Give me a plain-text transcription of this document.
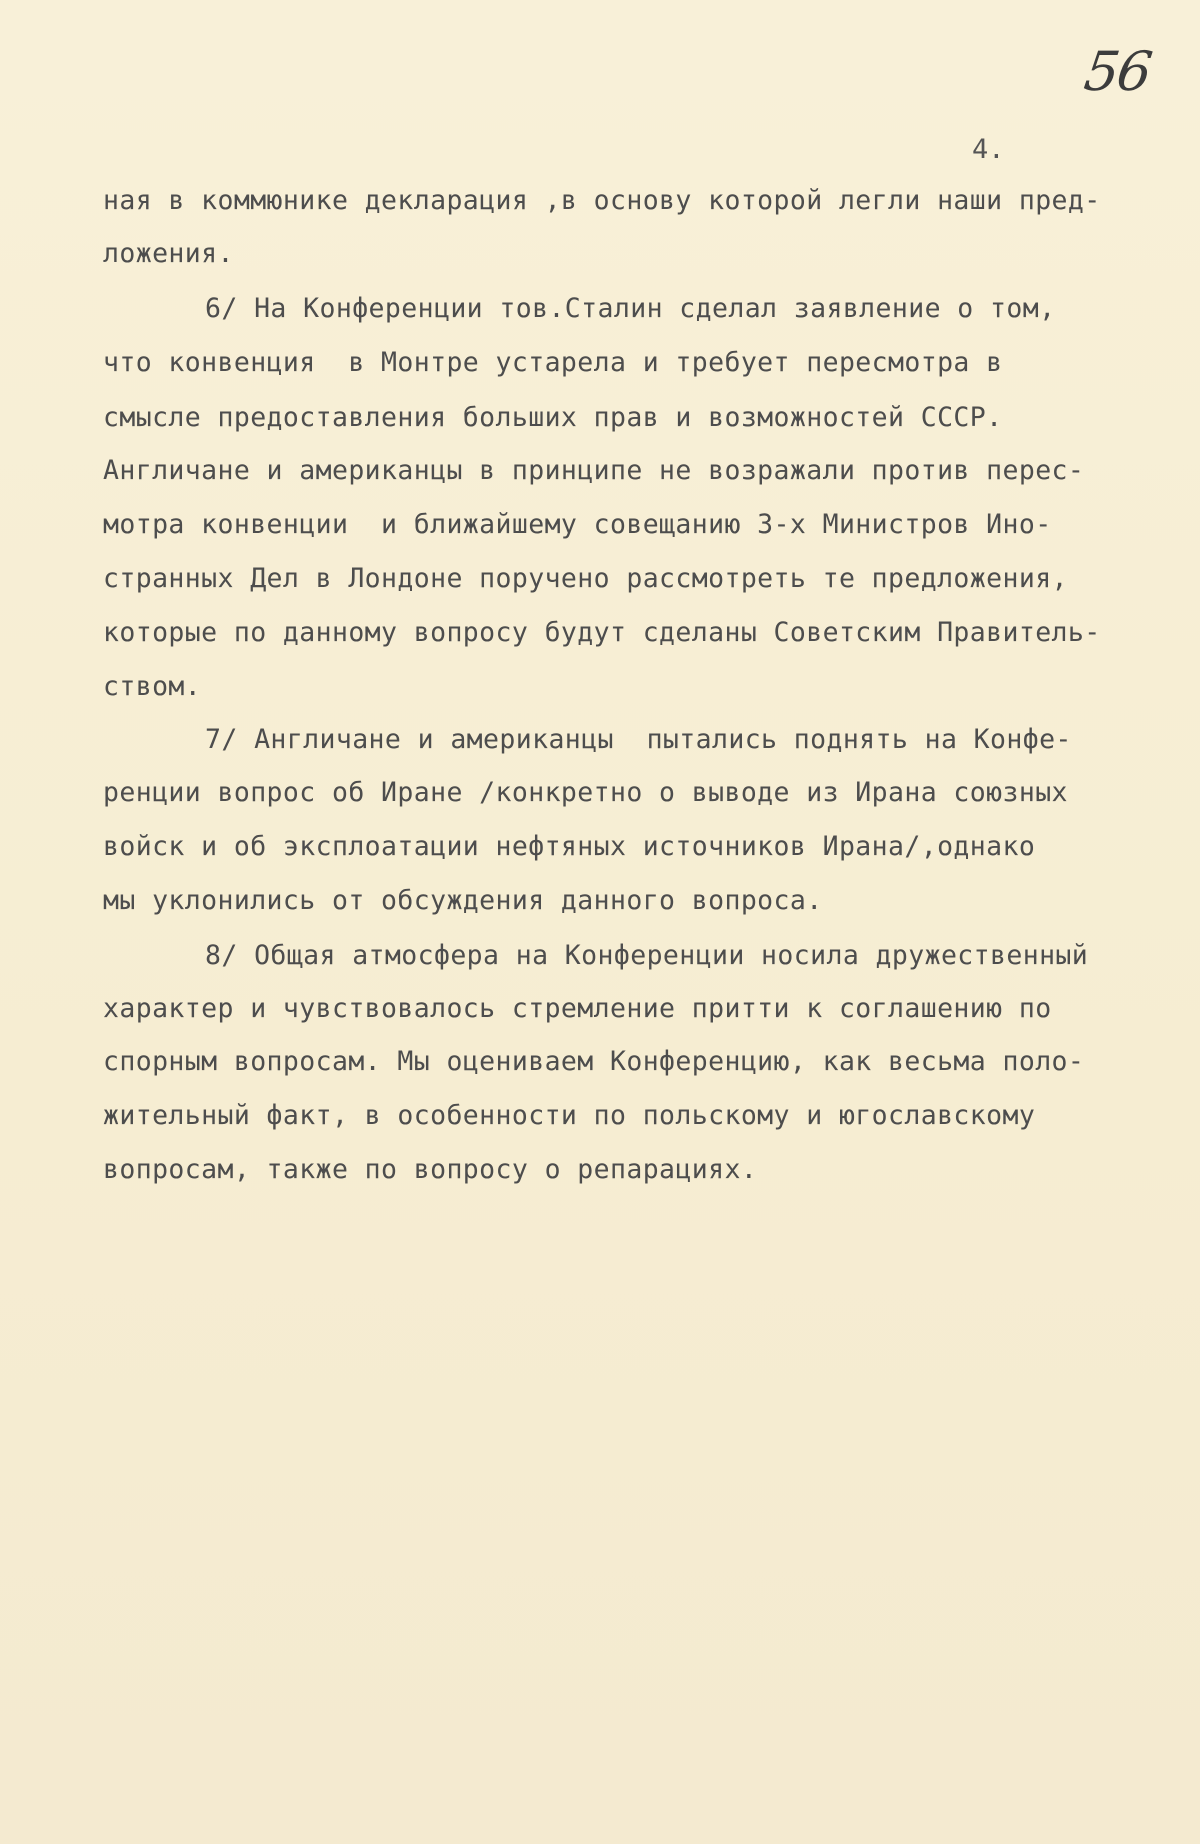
56
4.
ная в коммюнике декларация ,в основу которой легли наши пред-
ложения.
6/ На Конференции тов.Сталин сделал заявление о том,
что конвенция  в Монтре устарела и требует пересмотра в
смысле предоставления больших прав и возможностей СССР.
Англичане и американцы в принципе не возражали против перес-
мотра конвенции  и ближайшему совещанию 3-х Министров Ино-
странных Дел в Лондоне поручено рассмотреть те предложения,
которые по данному вопросу будут сделаны Советским Правитель-
ством.
7/ Англичане и американцы  пытались поднять на Конфе-
ренции вопрос об Иране /конкретно о выводе из Ирана союзных
войск и об эксплоатации нефтяных источников Ирана/,однако
мы уклонились от обсуждения данного вопроса.
8/ Общая атмосфера на Конференции носила дружественный
характер и чувствовалось стремление притти к соглашению по
спорным вопросам. Мы оцениваем Конференцию, как весьма поло-
жительный факт, в особенности по польскому и югославскому
вопросам, также по вопросу о репарациях.
